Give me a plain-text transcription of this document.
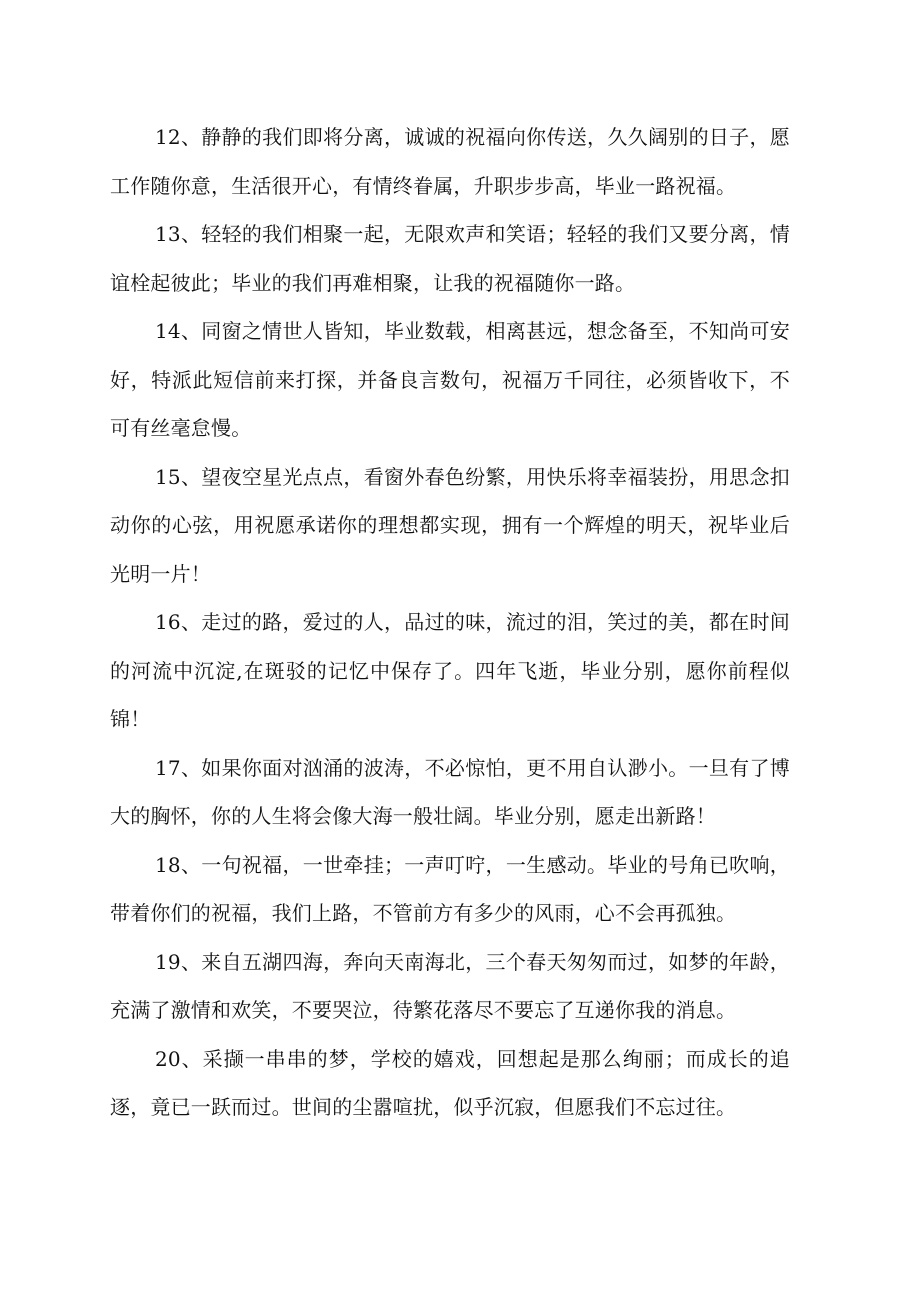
12、静静的我们即将分离，诚诚的祝福向你传送，久久阔别的日子，愿工作随你意，生活很开心，有情终眷属，升职步步高，毕业一路祝福。

13、轻轻的我们相聚一起，无限欢声和笑语；轻轻的我们又要分离，情谊栓起彼此；毕业的我们再难相聚，让我的祝福随你一路。

14、同窗之情世人皆知，毕业数载，相离甚远，想念备至，不知尚可安好，特派此短信前来打探，并备良言数句，祝福万千同往，必须皆收下，不可有丝毫怠慢。

15、望夜空星光点点，看窗外春色纷繁，用快乐将幸福装扮，用思念扣动你的心弦，用祝愿承诺你的理想都实现，拥有一个辉煌的明天，祝毕业后光明一片！

16、走过的路，爱过的人，品过的味，流过的泪，笑过的美，都在时间的河流中沉淀,在斑驳的记忆中保存了。四年飞逝，毕业分别，愿你前程似锦！

17、如果你面对汹涌的波涛，不必惊怕，更不用自认渺小。一旦有了博大的胸怀，你的人生将会像大海一般壮阔。毕业分别，愿走出新路！

18、一句祝福，一世牵挂；一声叮咛，一生感动。毕业的号角已吹响，带着你们的祝福，我们上路，不管前方有多少的风雨，心不会再孤独。

19、来自五湖四海，奔向天南海北，三个春天匆匆而过，如梦的年龄，充满了激情和欢笑，不要哭泣，待繁花落尽不要忘了互递你我的消息。

20、采撷一串串的梦，学校的嬉戏，回想起是那么绚丽；而成长的追逐，竟已一跃而过。世间的尘嚣喧扰，似乎沉寂，但愿我们不忘过往。
